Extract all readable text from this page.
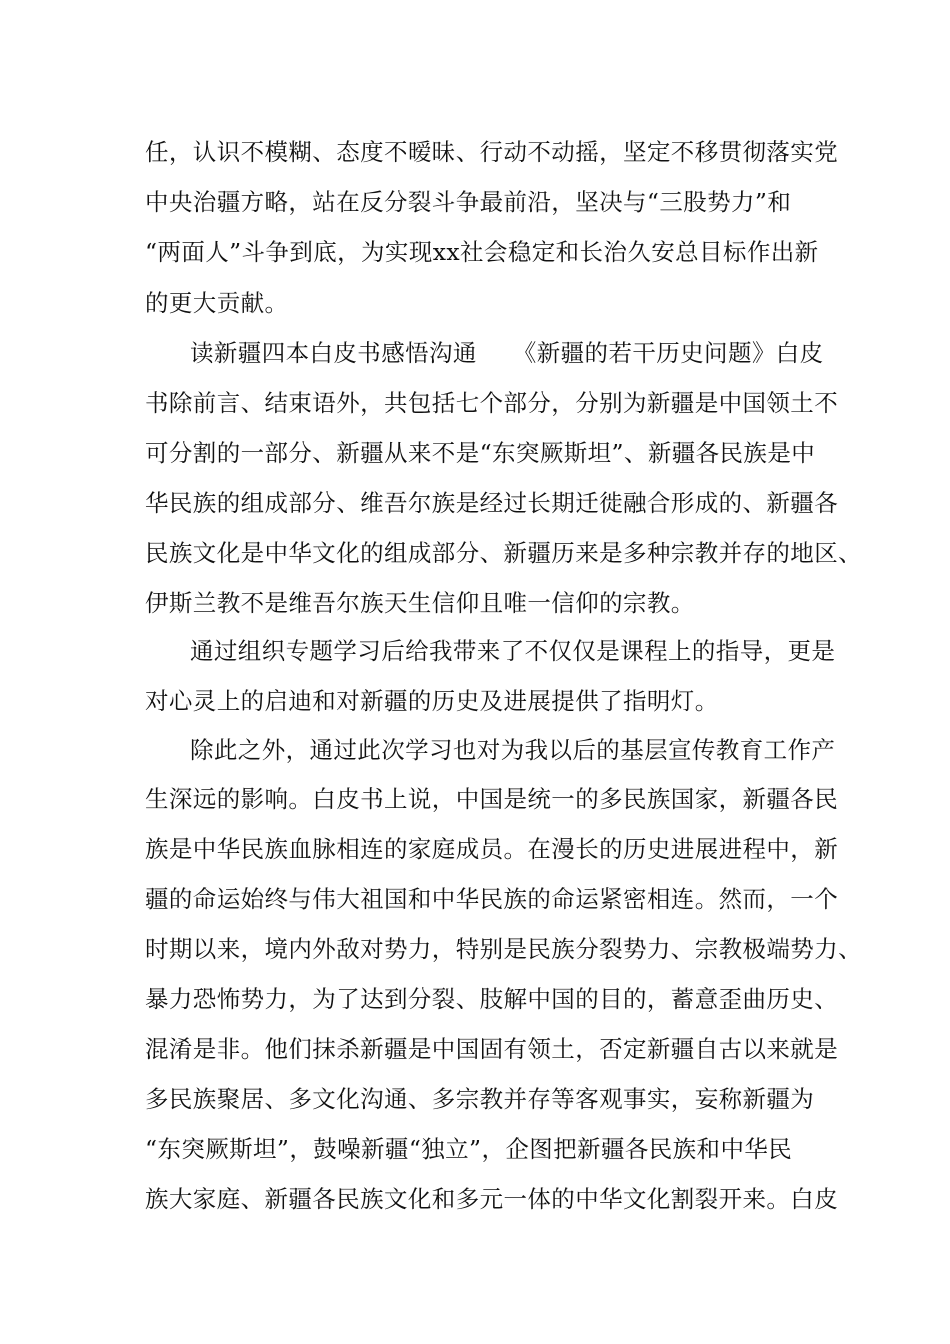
任，认识不模糊、态度不暧昧、行动不动摇，坚定不移贯彻落实党
中央治疆方略，站在反分裂斗争最前沿，坚决与“三股势力”和
“两面人”斗争到底，为实现xx社会稳定和长治久安总目标作出新
的更大贡献。
读新疆四本白皮书感悟沟通　　《新疆的若干历史问题》白皮
书除前言、结束语外，共包括七个部分，分别为新疆是中国领土不
可分割的一部分、新疆从来不是“东突厥斯坦”、新疆各民族是中
华民族的组成部分、维吾尔族是经过长期迁徙融合形成的、新疆各
民族文化是中华文化的组成部分、新疆历来是多种宗教并存的地区、
伊斯兰教不是维吾尔族天生信仰且唯一信仰的宗教。
通过组织专题学习后给我带来了不仅仅是课程上的指导，更是
对心灵上的启迪和对新疆的历史及进展提供了指明灯。
除此之外，通过此次学习也对为我以后的基层宣传教育工作产
生深远的影响。白皮书上说，中国是统一的多民族国家，新疆各民
族是中华民族血脉相连的家庭成员。在漫长的历史进展进程中，新
疆的命运始终与伟大祖国和中华民族的命运紧密相连。然而，一个
时期以来，境内外敌对势力，特别是民族分裂势力、宗教极端势力、
暴力恐怖势力，为了达到分裂、肢解中国的目的，蓄意歪曲历史、
混淆是非。他们抹杀新疆是中国固有领土，否定新疆自古以来就是
多民族聚居、多文化沟通、多宗教并存等客观事实，妄称新疆为
“东突厥斯坦”，鼓噪新疆“独立”，企图把新疆各民族和中华民
族大家庭、新疆各民族文化和多元一体的中华文化割裂开来。白皮
